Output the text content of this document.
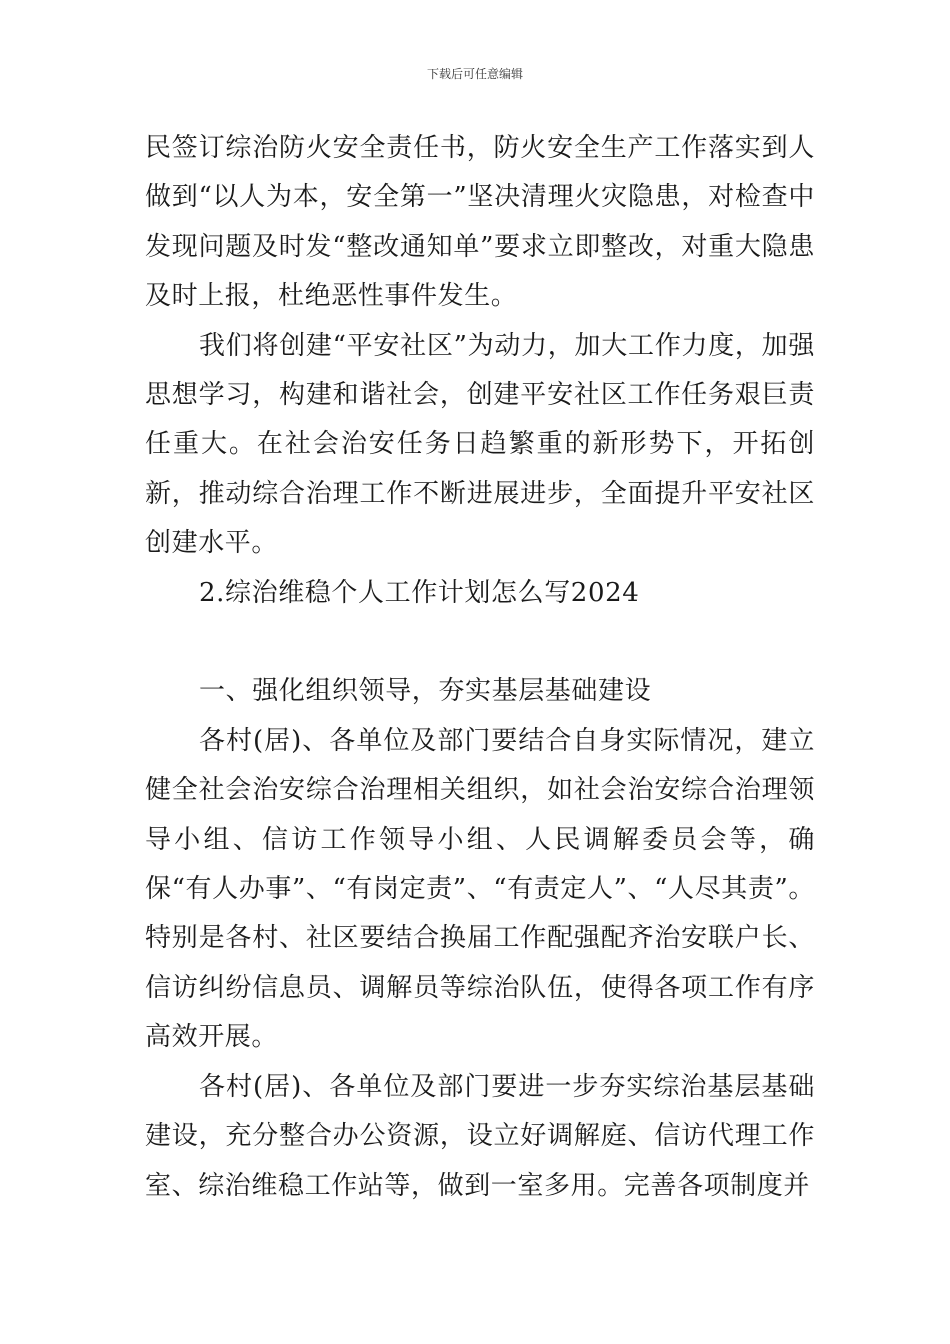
下载后可任意编辑

民签订综治防火安全责任书，防火安全生产工作落实到人做到“以人为本，安全第一”坚决清理火灾隐患，对检查中发现问题及时发“整改通知单”要求立即整改，对重大隐患及时上报，杜绝恶性事件发生。

我们将创建“平安社区”为动力，加大工作力度，加强思想学习，构建和谐社会，创建平安社区工作任务艰巨责任重大。在社会治安任务日趋繁重的新形势下，开拓创新，推动综合治理工作不断进展进步，全面提升平安社区创建水平。

2.综治维稳个人工作计划怎么写2024

一、强化组织领导，夯实基层基础建设

各村(居)、各单位及部门要结合自身实际情况，建立健全社会治安综合治理相关组织，如社会治安综合治理领导小组、信访工作领导小组、人民调解委员会等，确保“有人办事”、“有岗定责”、“有责定人”、“人尽其责”。特别是各村、社区要结合换届工作配强配齐治安联户长、信访纠纷信息员、调解员等综治队伍，使得各项工作有序高效开展。

各村(居)、各单位及部门要进一步夯实综治基层基础建设，充分整合办公资源，设立好调解庭、信访代理工作室、综治维稳工作站等，做到一室多用。完善各项制度并
